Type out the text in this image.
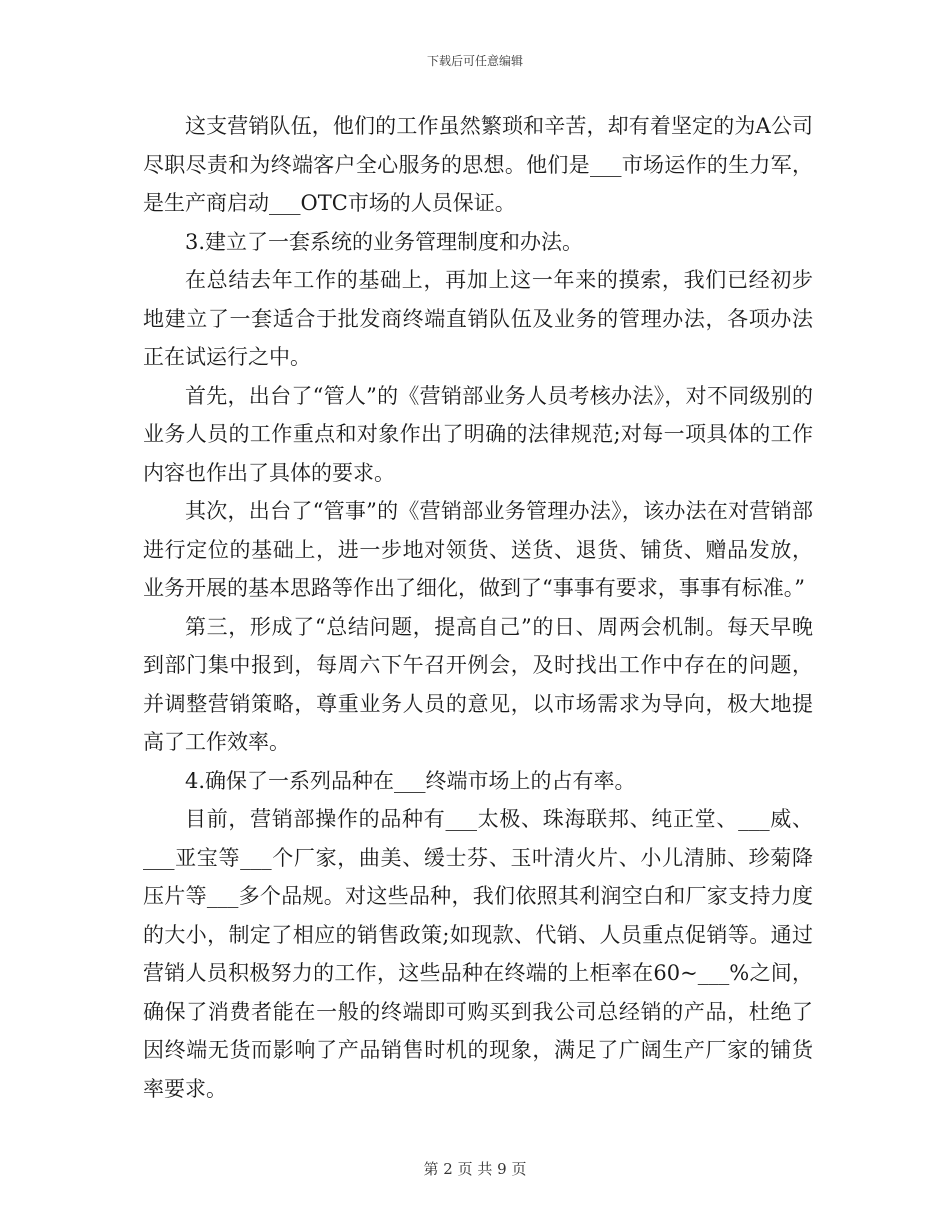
下载后可任意编辑

这支营销队伍，他们的工作虽然繁琐和辛苦，却有着坚定的为A公司尽职尽责和为终端客户全心服务的思想。他们是___市场运作的生力军，是生产商启动___OTC市场的人员保证。

3.建立了一套系统的业务管理制度和办法。

在总结去年工作的基础上，再加上这一年来的摸索，我们已经初步地建立了一套适合于批发商终端直销队伍及业务的管理办法，各项办法正在试运行之中。

首先，出台了“管人”的《营销部业务人员考核办法》，对不同级别的业务人员的工作重点和对象作出了明确的法律规范;对每一项具体的工作内容也作出了具体的要求。

其次，出台了“管事”的《营销部业务管理办法》，该办法在对营销部进行定位的基础上，进一步地对领货、送货、退货、铺货、赠品发放，业务开展的基本思路等作出了细化，做到了“事事有要求，事事有标准。”

第三，形成了“总结问题，提高自己”的日、周两会机制。每天早晚到部门集中报到，每周六下午召开例会，及时找出工作中存在的问题，并调整营销策略，尊重业务人员的意见，以市场需求为导向，极大地提高了工作效率。

4.确保了一系列品种在___终端市场上的占有率。

目前，营销部操作的品种有___太极、珠海联邦、纯正堂、___威、___亚宝等___个厂家，曲美、缓士芬、玉叶清火片、小儿清肺、珍菊降压片等___多个品规。对这些品种，我们依照其利润空白和厂家支持力度的大小，制定了相应的销售政策;如现款、代销、人员重点促销等。通过营销人员积极努力的工作，这些品种在终端的上柜率在60~___%之间，确保了消费者能在一般的终端即可购买到我公司总经销的产品，杜绝了因终端无货而影响了产品销售时机的现象，满足了广阔生产厂家的铺货率要求。

第 2 页 共 9 页
